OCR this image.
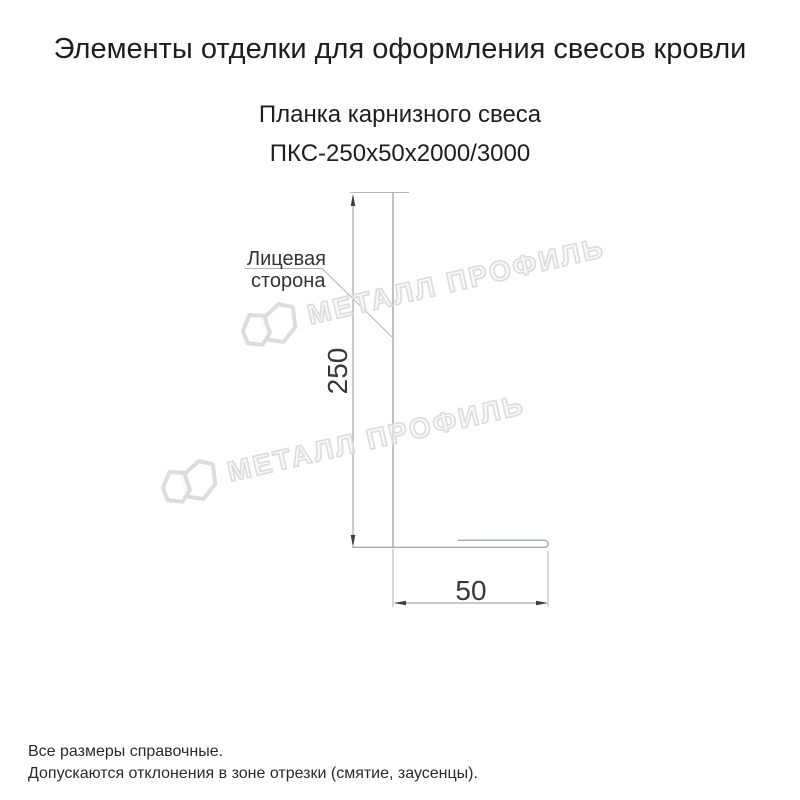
Элементы отделки для оформления свесов кровли
Планка карнизного свеса
ПКС-250х50х2000/3000
Лицевая
сторона
250
50
МЕТАЛЛ ПРОФИЛЬ
МЕТАЛЛ ПРОФИЛЬ
Все размеры справочные.
Допускаются отклонения в зоне отрезки (смятие, заусенцы).
